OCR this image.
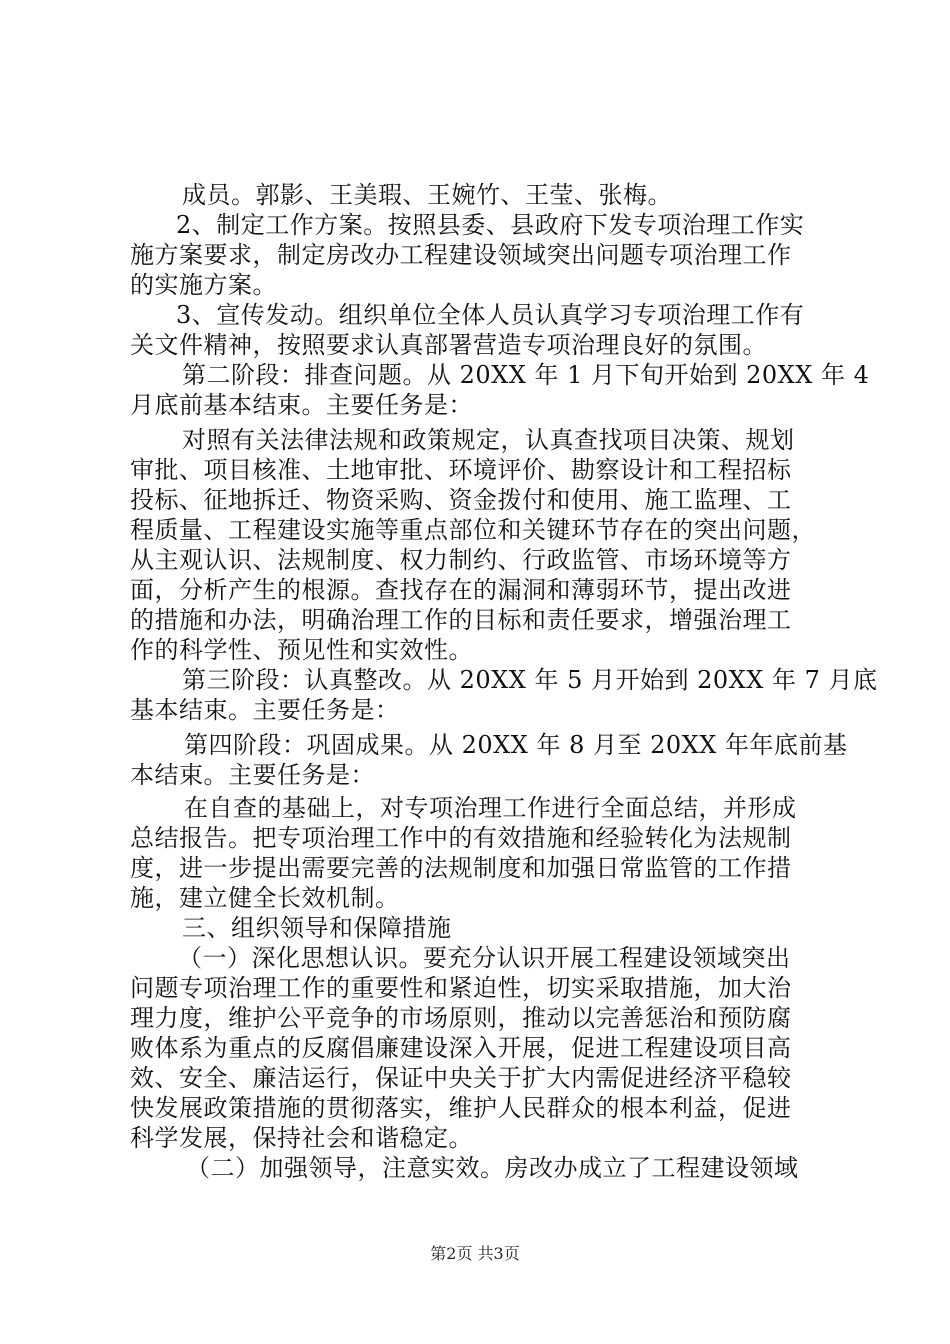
成员。郭影、王美瑕、王婉竹、王莹、张梅。
2、制定工作方案。按照县委、县政府下发专项治理工作实
施方案要求，制定房改办工程建设领域突出问题专项治理工作
的实施方案。
3、宣传发动。组织单位全体人员认真学习专项治理工作有
关文件精神，按照要求认真部署营造专项治理良好的氛围。
第二阶段：排查问题。从 20XX 年 1 月下旬开始到 20XX 年 4
月底前基本结束。主要任务是：
对照有关法律法规和政策规定，认真查找项目决策、规划
审批、项目核准、土地审批、环境评价、勘察设计和工程招标
投标、征地拆迁、物资采购、资金拨付和使用、施工监理、工
程质量、工程建设实施等重点部位和关键环节存在的突出问题，
从主观认识、法规制度、权力制约、行政监管、市场环境等方
面，分析产生的根源。查找存在的漏洞和薄弱环节，提出改进
的措施和办法，明确治理工作的目标和责任要求，增强治理工
作的科学性、预见性和实效性。
第三阶段：认真整改。从 20XX 年 5 月开始到 20XX 年 7 月底
基本结束。主要任务是：
第四阶段：巩固成果。从 20XX 年 8 月至 20XX 年年底前基
本结束。主要任务是：
在自查的基础上，对专项治理工作进行全面总结，并形成
总结报告。把专项治理工作中的有效措施和经验转化为法规制
度，进一步提出需要完善的法规制度和加强日常监管的工作措
施，建立健全长效机制。
三、组织领导和保障措施
（一）深化思想认识。要充分认识开展工程建设领域突出
问题专项治理工作的重要性和紧迫性，切实采取措施，加大治
理力度，维护公平竞争的市场原则，推动以完善惩治和预防腐
败体系为重点的反腐倡廉建设深入开展，促进工程建设项目高
效、安全、廉洁运行，保证中央关于扩大内需促进经济平稳较
快发展政策措施的贯彻落实，维护人民群众的根本利益，促进
科学发展，保持社会和谐稳定。
（二）加强领导，注意实效。房改办成立了工程建设领域
第2页 共3页
